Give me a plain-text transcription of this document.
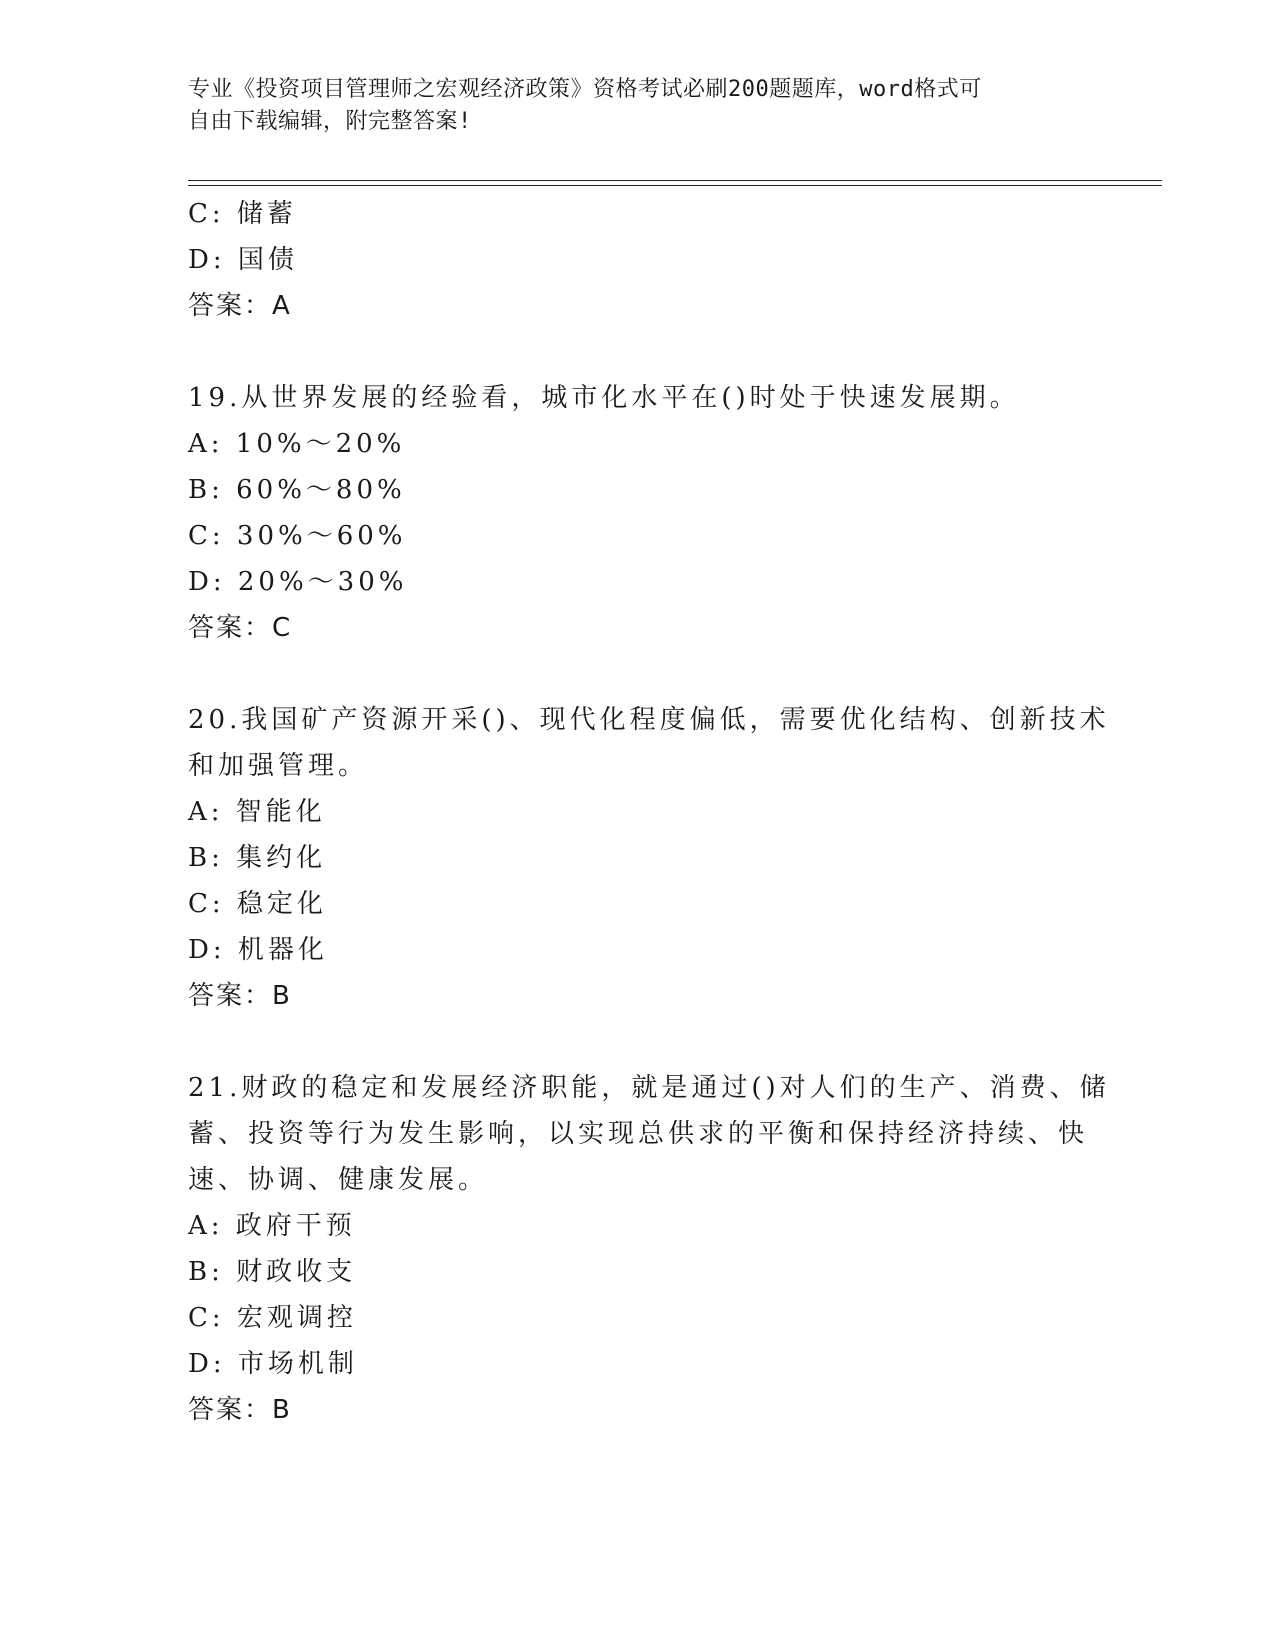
专业《投资项目管理师之宏观经济政策》资格考试必刷200题题库，word格式可
自由下载编辑，附完整答案!
C: 储蓄
D: 国债
答案：A
19.从世界发展的经验看，城市化水平在()时处于快速发展期。
A: 10%～20%
B: 60%～80%
C: 30%～60%
D: 20%～30%
答案：C
20.我国矿产资源开采()、现代化程度偏低，需要优化结构、创新技术
和加强管理。
A: 智能化
B: 集约化
C: 稳定化
D: 机器化
答案：B
21.财政的稳定和发展经济职能，就是通过()对人们的生产、消费、储
蓄、投资等行为发生影响，以实现总供求的平衡和保持经济持续、快
速、协调、健康发展。
A: 政府干预
B: 财政收支
C: 宏观调控
D: 市场机制
答案：B
